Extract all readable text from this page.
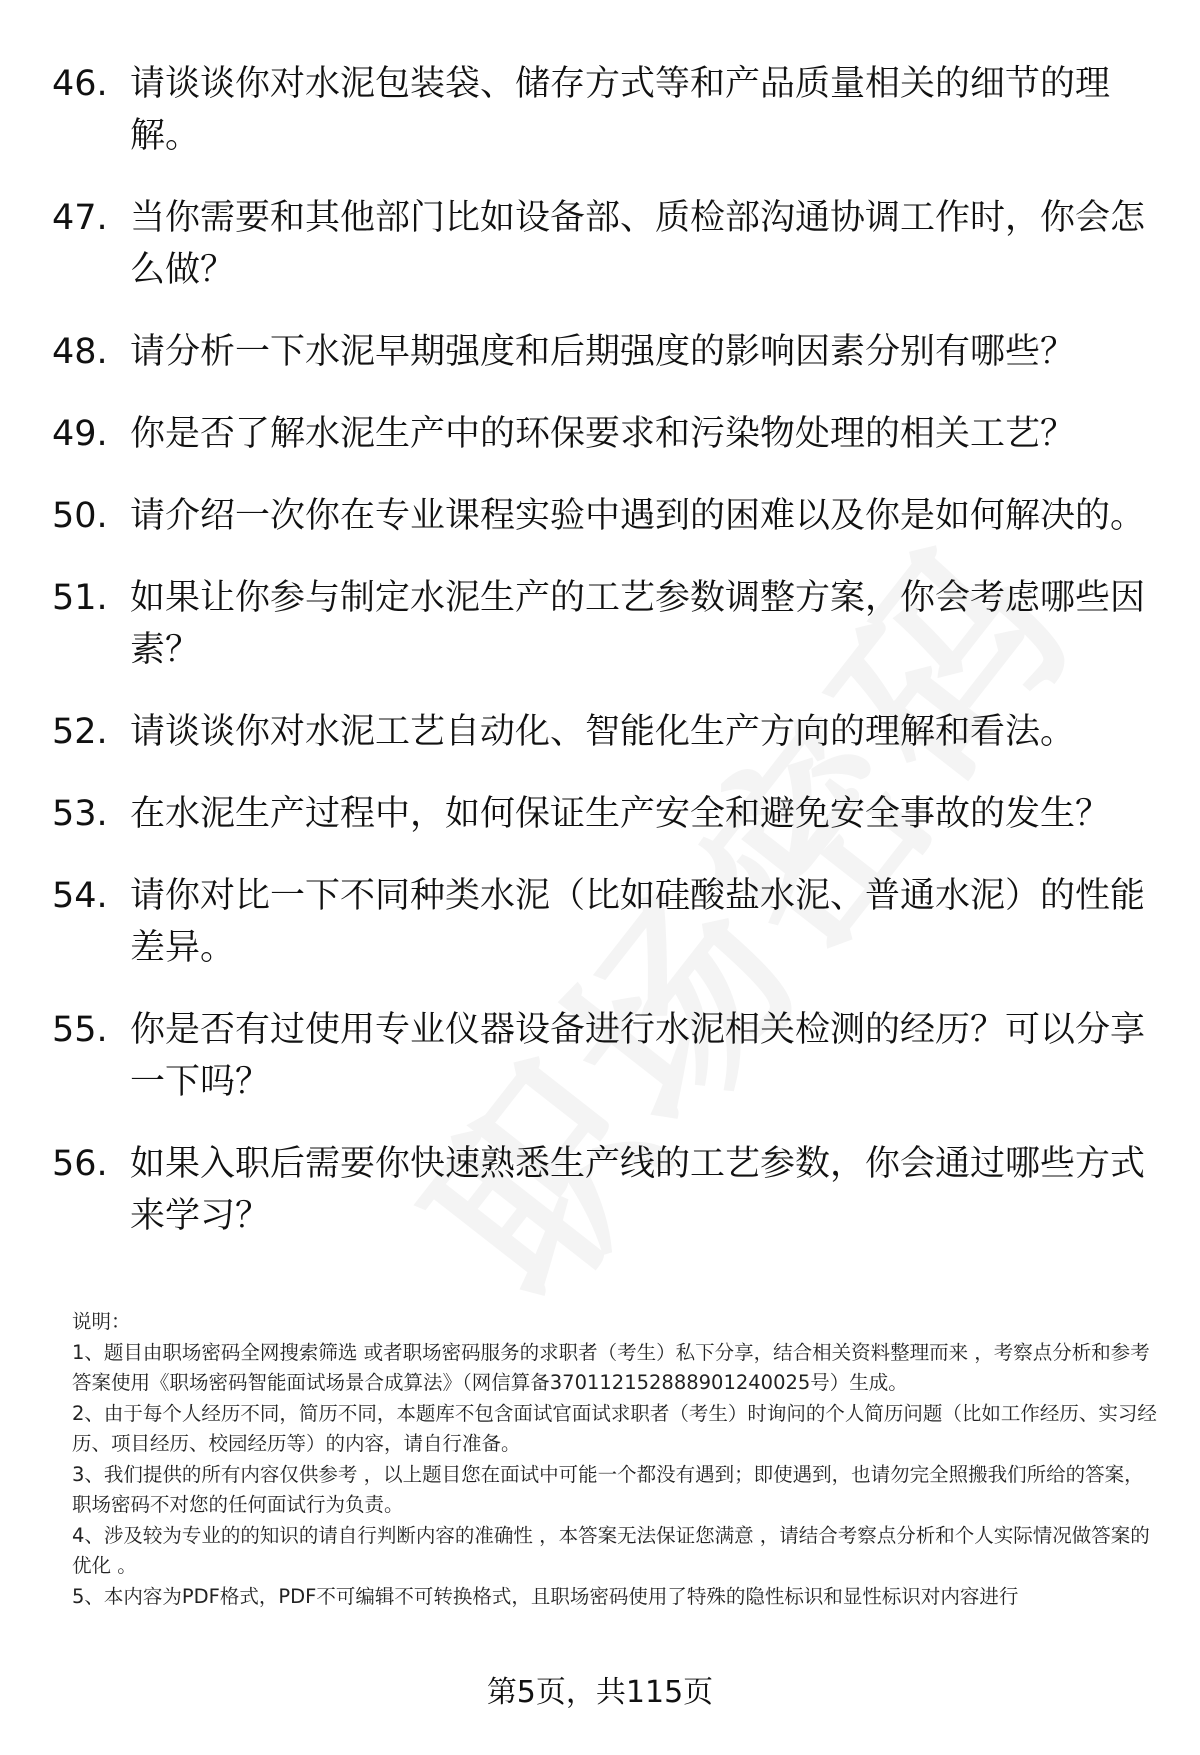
46. 请谈谈你对水泥包装袋、储存方式等和产品质量相关的细节的理解。
47. 当你需要和其他部门比如设备部、质检部沟通协调工作时，你会怎么做？
48. 请分析一下水泥早期强度和后期强度的影响因素分别有哪些？
49. 你是否了解水泥生产中的环保要求和污染物处理的相关工艺？
50. 请介绍一次你在专业课程实验中遇到的困难以及你是如何解决的。
51. 如果让你参与制定水泥生产的工艺参数调整方案，你会考虑哪些因素？
52. 请谈谈你对水泥工艺自动化、智能化生产方向的理解和看法。
53. 在水泥生产过程中，如何保证生产安全和避免安全事故的发生？
54. 请你对比一下不同种类水泥（比如硅酸盐水泥、普通水泥）的性能差异。
55. 你是否有过使用专业仪器设备进行水泥相关检测的经历？可以分享一下吗？
56. 如果入职后需要你快速熟悉生产线的工艺参数，你会通过哪些方式来学习？

说明：

1、题目由职场密码全网搜索筛选 或者职场密码服务的求职者（考生）私下分享，结合相关资料整理而来 ，考察点分析和参考答案使用《职场密码智能面试场景合成算法》（网信算备370112152888901240025号）生成。

2、由于每个人经历不同，简历不同，本题库不包含面试官面试求职者（考生）时询问的个人简历问题（比如工作经历、实习经历、项目经历、校园经历等）的内容，请自行准备。

3、我们提供的所有内容仅供参考 ，以上题目您在面试中可能一个都没有遇到；即使遇到，也请勿完全照搬我们所给的答案，职场密码不对您的任何面试行为负责。

4、涉及较为专业的的知识的请自行判断内容的准确性 ，本答案无法保证您满意 ，请结合考察点分析和个人实际情况做答案的优化 。

5、本内容为PDF格式，PDF不可编辑不可转换格式，且职场密码使用了特殊的隐性标识和显性标识对内容进行

第5页，共115页
